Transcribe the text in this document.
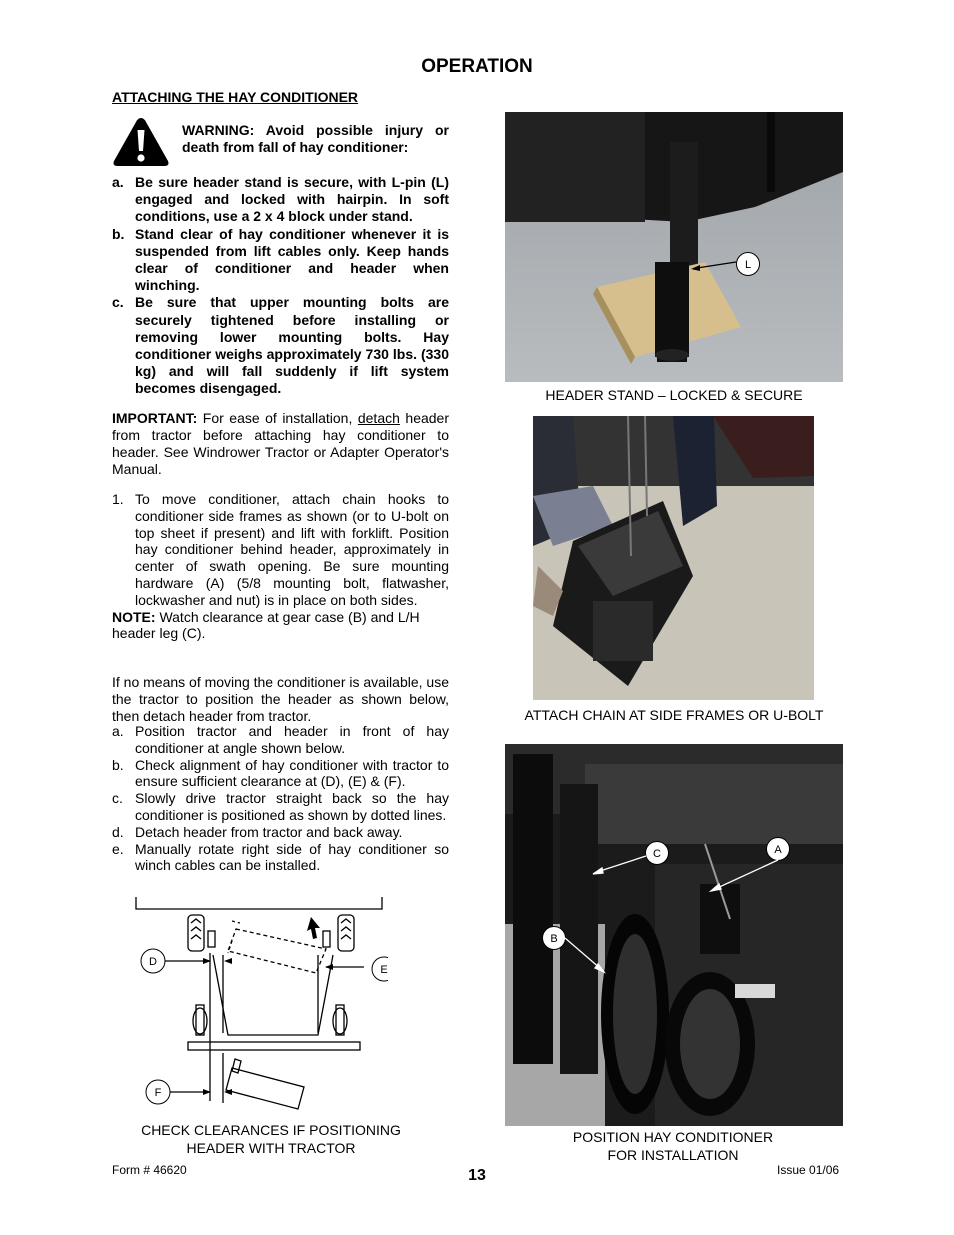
OPERATION
ATTACHING THE HAY CONDITIONER
WARNING: Avoid possible injury or death from fall of hay conditioner:
a. Be sure header stand is secure, with L-pin (L) engaged and locked with hairpin. In soft conditions, use a 2 x 4 block under stand.
b. Stand clear of hay conditioner whenever it is suspended from lift cables only. Keep hands clear of conditioner and header when winching.
c. Be sure that upper mounting bolts are securely tightened before installing or removing lower mounting bolts. Hay conditioner weighs approximately 730 lbs. (330 kg) and will fall suddenly if lift system becomes disengaged.
IMPORTANT: For ease of installation, detach header from tractor before attaching hay conditioner to header. See Windrower Tractor or Adapter Operator's Manual.
1. To move conditioner, attach chain hooks to conditioner side frames as shown (or to U-bolt on top sheet if present) and lift with forklift. Position hay conditioner behind header, approximately in center of swath opening. Be sure mounting hardware (A) (5/8 mounting bolt, flatwasher, lockwasher and nut) is in place on both sides.
NOTE: Watch clearance at gear case (B) and L/H header leg (C).
If no means of moving the conditioner is available, use the tractor to position the header as shown below, then detach header from tractor.
a. Position tractor and header in front of hay conditioner at angle shown below.
b. Check alignment of hay conditioner with tractor to ensure sufficient clearance at (D), (E) & (F).
c. Slowly drive tractor straight back so the hay conditioner is positioned as shown by dotted lines.
d. Detach header from tractor and back away.
e. Manually rotate right side of hay conditioner so winch cables can be installed.
D
E
F
CHECK CLEARANCES IF POSITIONING
HEADER WITH TRACTOR
L
HEADER STAND – LOCKED & SECURE
ATTACH CHAIN AT SIDE FRAMES OR U-BOLT
C	A
B
POSITION HAY CONDITIONER
FOR INSTALLATION
Form # 46620	13	Issue 01/06
